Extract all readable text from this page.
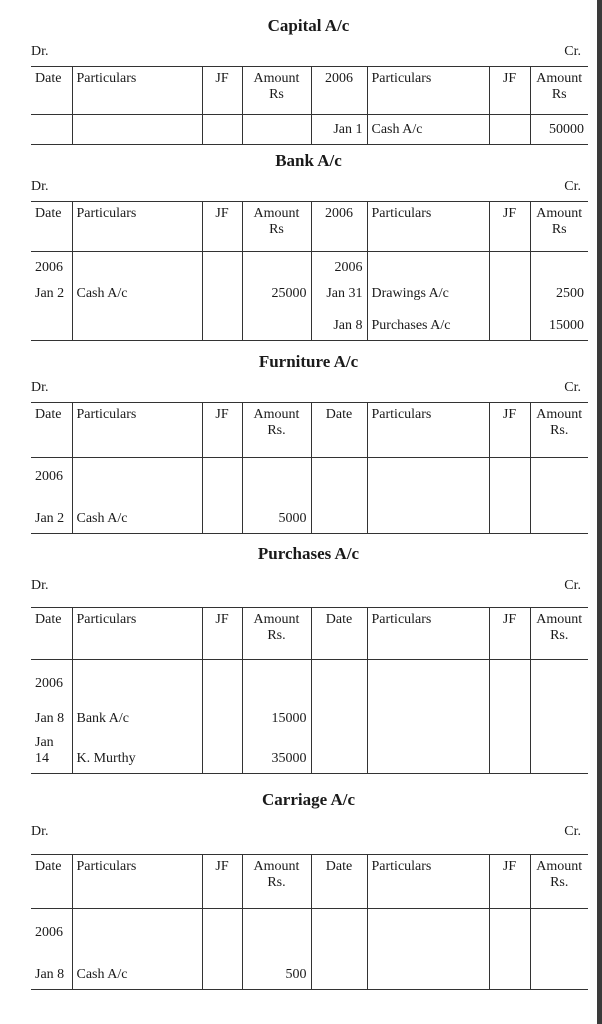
Capital A/c
Dr.	Cr.
Date	Particulars	JF	Amount Rs	2006	Particulars	JF	Amount Rs
				Jan 1	Cash A/c		50000
Bank A/c
Dr.	Cr.
Date	Particulars	JF	Amount Rs	2006	Particulars	JF	Amount Rs
2006				2006			
Jan 2	Cash A/c		25000	Jan 31	Drawings A/c		2500
				Jan 8	Purchases A/c		15000
Furniture A/c
Dr.	Cr.
Date	Particulars	JF	Amount Rs.	Date	Particulars	JF	Amount Rs.
2006							
Jan 2	Cash A/c		5000				
Purchases A/c
Dr.	Cr.
Date	Particulars	JF	Amount Rs.	Date	Particulars	JF	Amount Rs.
2006							
Jan 8	Bank A/c		15000				
Jan 14	K. Murthy		35000				
Carriage A/c
Dr.	Cr.
Date	Particulars	JF	Amount Rs.	Date	Particulars	JF	Amount Rs.
2006							
Jan 8	Cash A/c		500				
